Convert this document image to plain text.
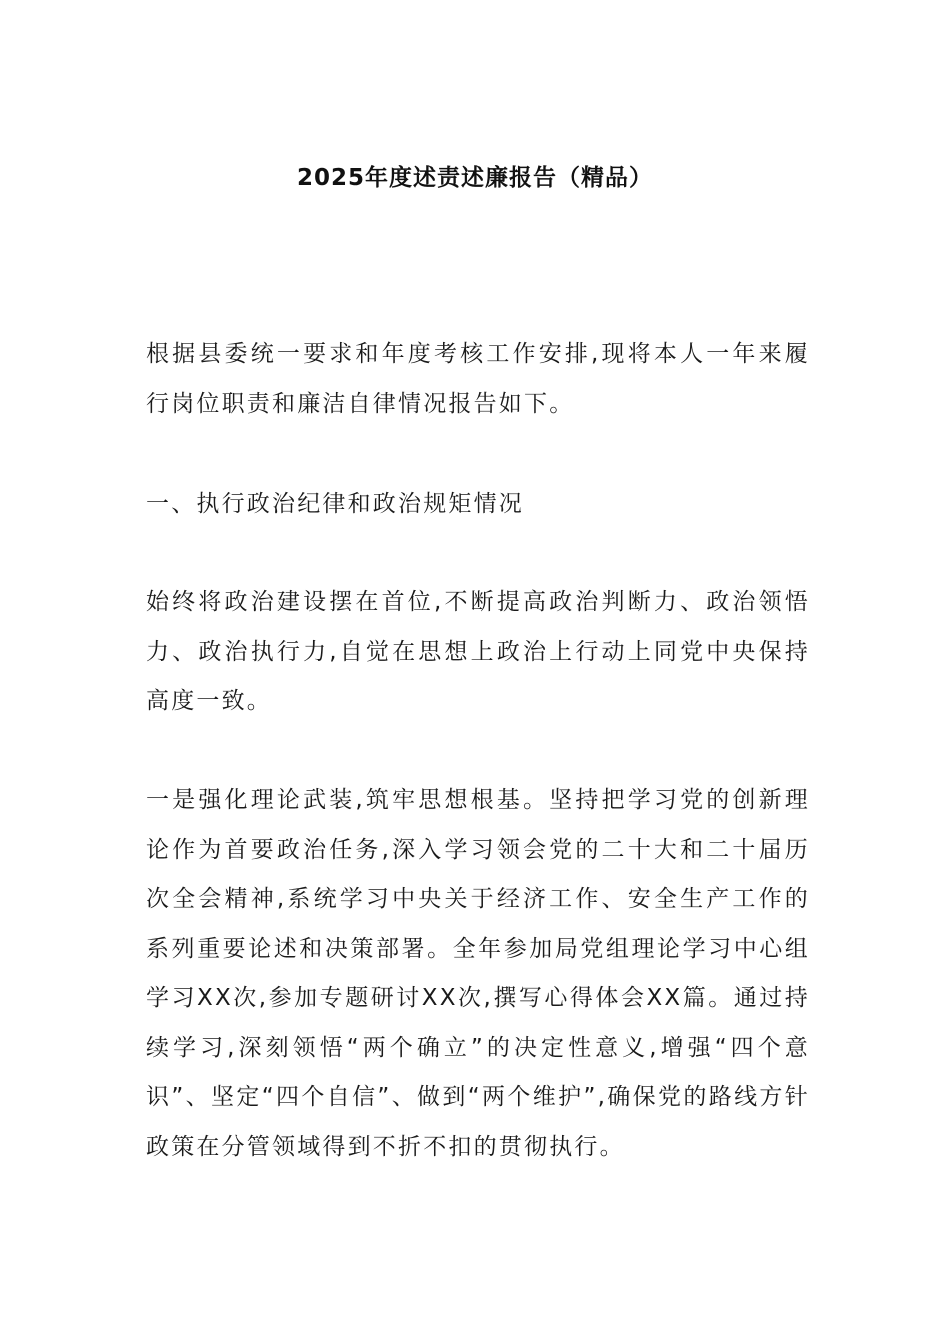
2025年度述责述廉报告（精品）

根据县委统一要求和年度考核工作安排,现将本人一年来履行岗位职责和廉洁自律情况报告如下。

一、执行政治纪律和政治规矩情况

始终将政治建设摆在首位,不断提高政治判断力、政治领悟力、政治执行力,自觉在思想上政治上行动上同党中央保持高度一致。

一是强化理论武装,筑牢思想根基。坚持把学习党的创新理论作为首要政治任务,深入学习领会党的二十大和二十届历次全会精神,系统学习中央关于经济工作、安全生产工作的系列重要论述和决策部署。全年参加局党组理论学习中心组学习XX次,参加专题研讨XX次,撰写心得体会XX篇。通过持续学习,深刻领悟“两个确立”的决定性意义,增强“四个意识”、坚定“四个自信”、做到“两个维护”,确保党的路线方针政策在分管领域得到不折不扣的贯彻执行。
